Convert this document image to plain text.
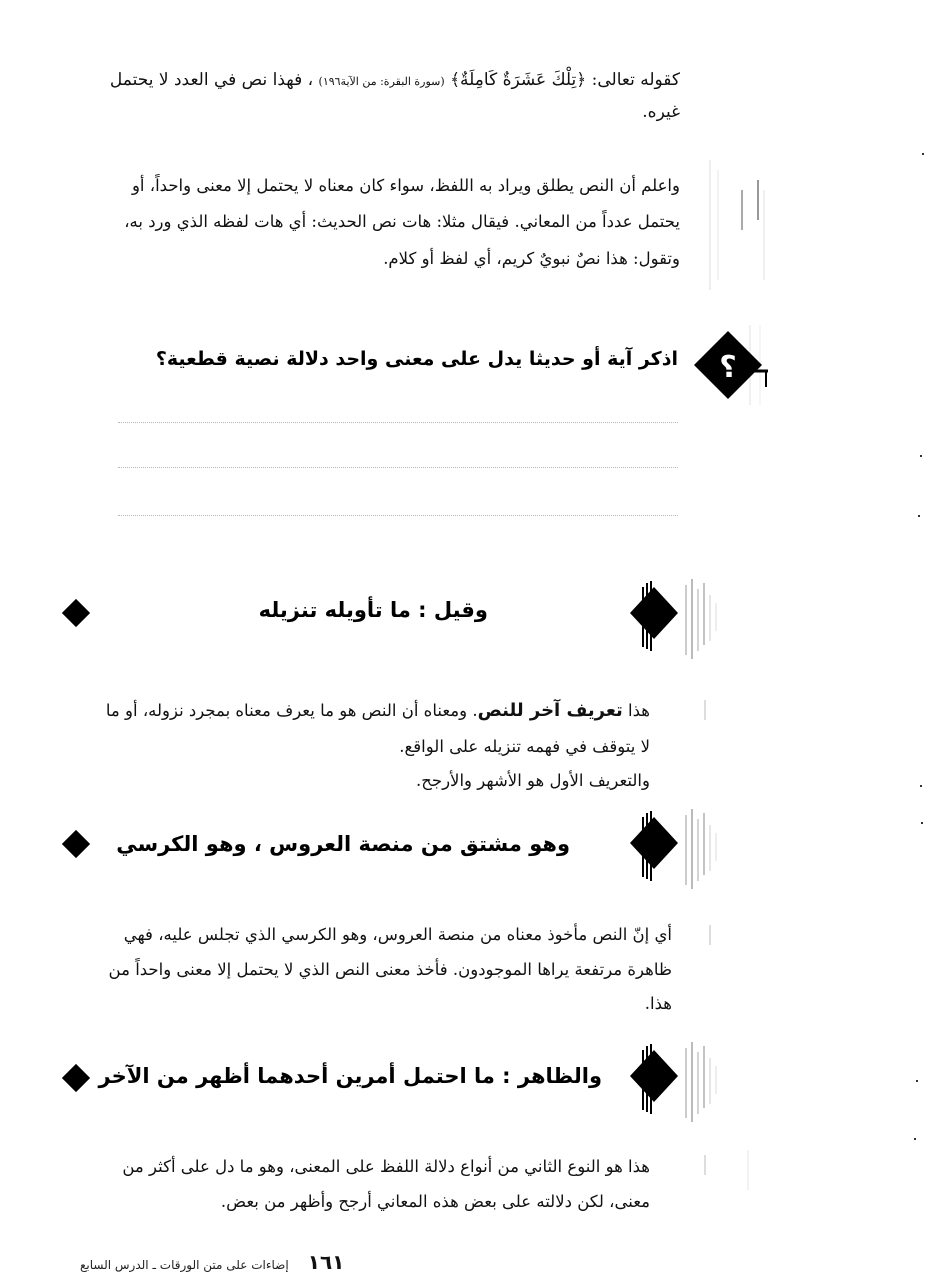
كقوله تعالى: ﴿تِلْكَ عَشَرَةٌ كَامِلَةٌ﴾ (سورة البقرة: من الآية١٩٦) ، فهذا نص في العدد لا يحتمل
غيره.
واعلم أن النص يطلق ويراد به اللفظ، سواء كان معناه لا يحتمل إلا معنى واحداً، أو
يحتمل عدداً من المعاني. فيقال مثلا: هات نص الحديث: أي هات لفظه الذي ورد به،
وتقول: هذا نصٌ نبويٌ كريم، أي لفظ أو كلام.
؟
اذكر آية أو حديثا يدل على معنى واحد دلالة نصية قطعية؟
وقيل : ما تأويله تنزيله
هذا تعريف آخر للنص. ومعناه أن النص هو ما يعرف معناه بمجرد نزوله، أو ما
لا يتوقف في فهمه تنزيله على الواقع.
والتعريف الأول هو الأشهر والأرجح.
وهو مشتق من منصة العروس ، وهو الكرسي
أي إنّ النص مأخوذ معناه من منصة العروس، وهو الكرسي الذي تجلس عليه، فهي
ظاهرة مرتفعة يراها الموجودون. فأخذ معنى النص الذي لا يحتمل إلا معنى واحداً من
هذا.
والظاهر : ما احتمل أمرين أحدهما أظهر من الآخر
هذا هو النوع الثاني من أنواع دلالة اللفظ على المعنى، وهو ما دل على أكثر من
معنى، لكن دلالته على بعض هذه المعاني أرجح وأظهر من بعض.
١٦١ إضاءات على متن الورقات ـ الدرس السابع
